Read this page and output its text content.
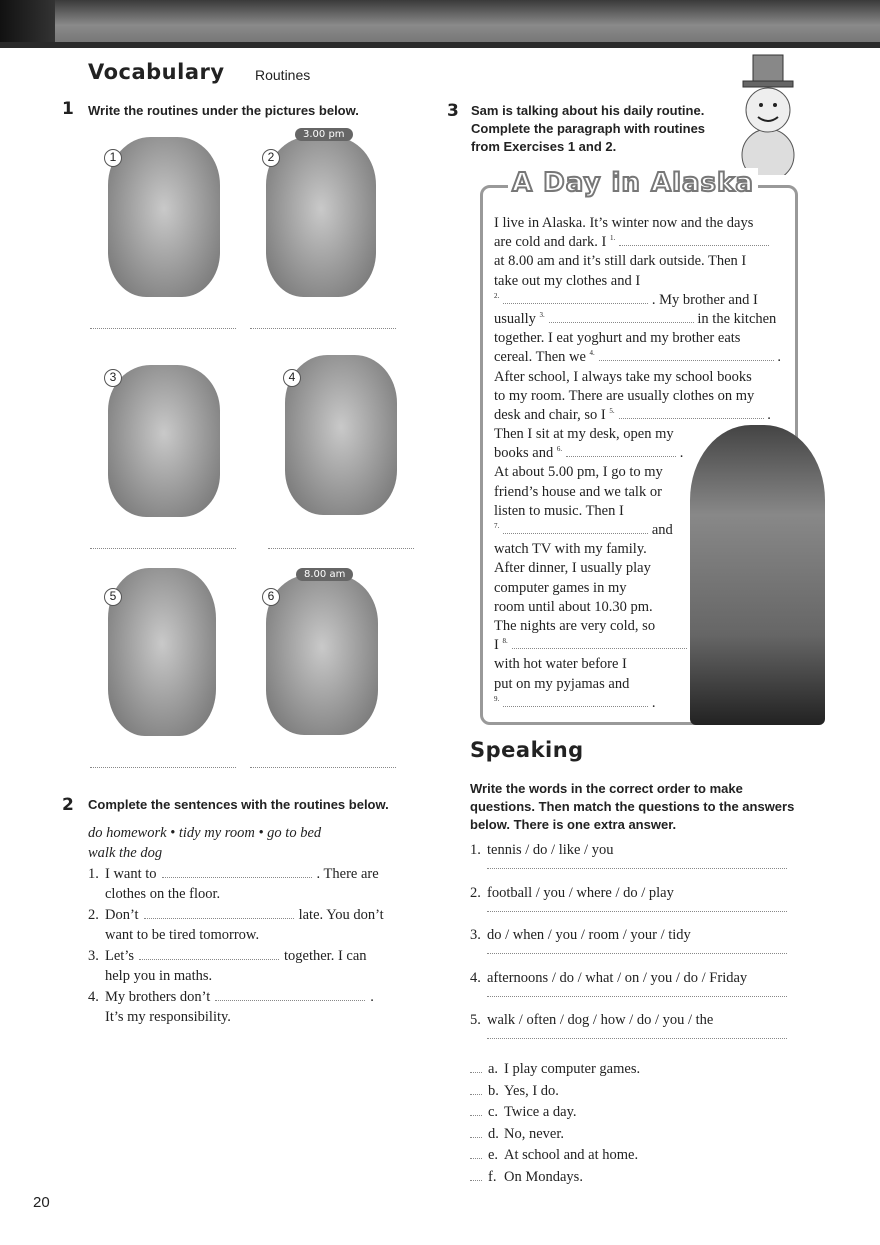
Vocabulary Routines
1 Write the routines under the pictures below.
1
3.00 pm
2
3	4
5
8.00 am
6
2 Complete the sentences with the routines below.
do homework • tidy my room • go to bed
walk the dog
1. I want to	. There are
clothes on the floor.
2. Don’t	late. You don’t
want to be tired tomorrow.
3. Let’s	together. I can
help you in maths.
4. My brothers don’t	.
It’s my responsibility.
3 Sam is talking about his daily routine.
Complete the paragraph with routines
from Exercises 1 and 2.
A Day in Alaska
I live in Alaska. It’s winter now and the days
are cold and dark. I $^{1.}$
at 8.00 am and it’s still dark outside. Then I
take out my clothes and I
$^{2.}$	. My brother and I
usually $^{3.}$	in the kitchen
together. I eat yoghurt and my brother eats
cereal. Then we $^{4.}$	.
After school, I always take my school books
to my room. There are usually clothes on my
desk and chair, so I $^{5.}$	.
Then I sit at my desk, open my
books and $^{6.}$	.
At about 5.00 pm, I go to my
friend’s house and we talk or
listen to music. Then I
$^{7.}$	and
watch TV with my family.
After dinner, I usually play
computer games in my
room until about 10.30 pm.
The nights are very cold, so
I $^{8.}$
with hot water before I
put on my pyjamas and
$^{9.}$	.
Speaking
Write the words in the correct order to make
questions. Then match the questions to the answers
below. There is one extra answer.
1. tennis / do / like / you
2. football / you / where / do / play
3. do / when / you / room / your / tidy
4. afternoons / do / what / on / you / do / Friday
5. walk / often / dog / how / do / you / the
a. I play computer games.
b. Yes, I do.
c. Twice a day.
d. No, never.
e. At school and at home.
f. On Mondays.
20
